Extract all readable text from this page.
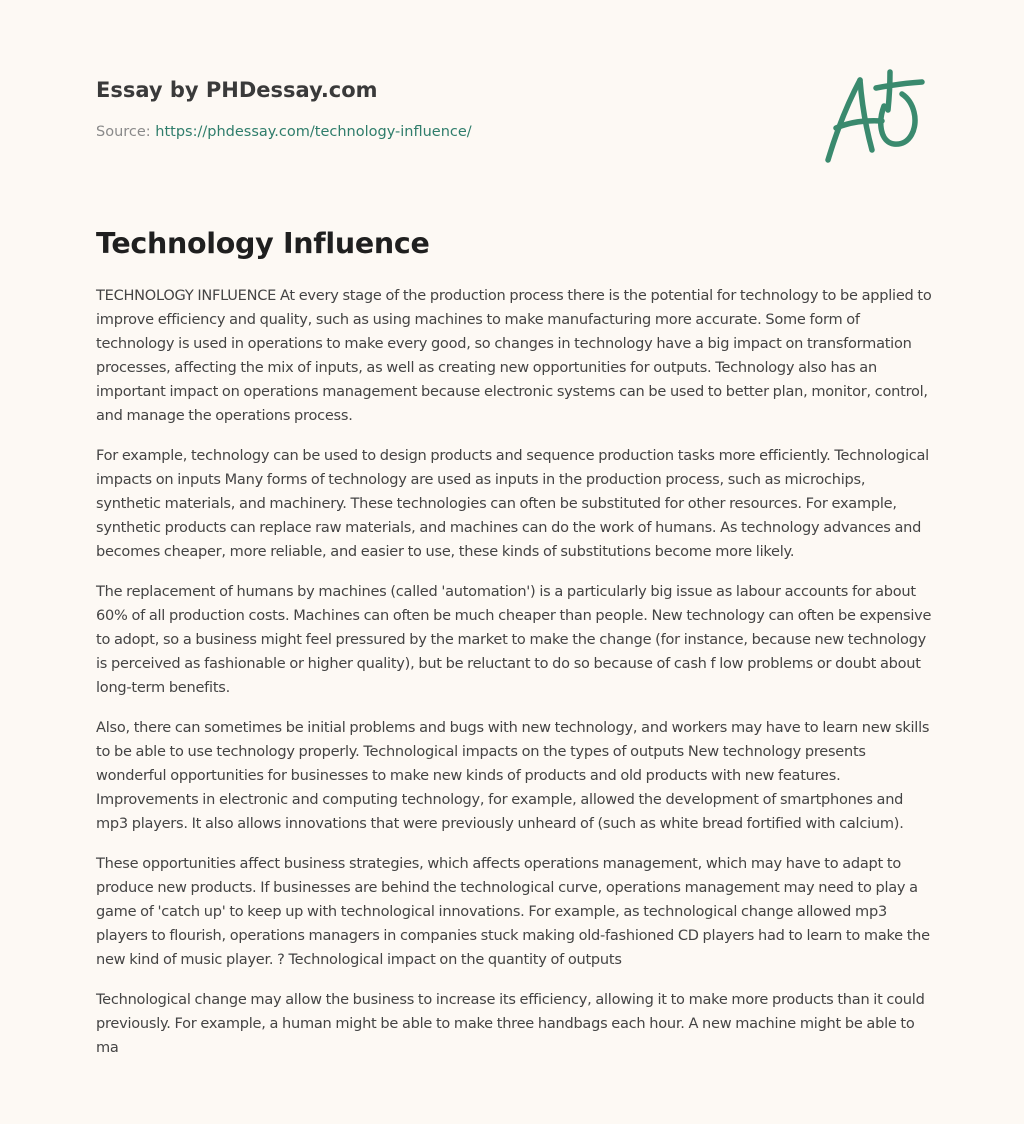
Essay by PHDessay.com
Source: https://phdessay.com/technology-influence/
Technology Influence

TECHNOLOGY INFLUENCE At every stage of the production process there is the potential for technology to be applied to improve efficiency and quality, such as using machines to make manufacturing more accurate. Some form of technology is used in operations to make every good, so changes in technology have a big impact on transformation processes, affecting the mix of inputs, as well as creating new opportunities for outputs. Technology also has an important impact on operations management because electronic systems can be used to better plan, monitor, control, and manage the operations process.

For example, technology can be used to design products and sequence production tasks more efficiently. Technological impacts on inputs Many forms of technology are used as inputs in the production process, such as microchips, synthetic materials, and machinery. These technologies can often be substituted for other resources. For example, synthetic products can replace raw materials, and machines can do the work of humans. As technology advances and becomes cheaper, more reliable, and easier to use, these kinds of substitutions become more likely.

The replacement of humans by machines (called 'automation') is a particularly big issue as labour accounts for about 60% of all production costs. Machines can often be much cheaper than people. New technology can often be expensive to adopt, so a business might feel pressured by the market to make the change (for instance, because new technology is perceived as fashionable or higher quality), but be reluctant to do so because of cash f low problems or doubt about long-term benefits.

Also, there can sometimes be initial problems and bugs with new technology, and workers may have to learn new skills to be able to use technology properly. Technological impacts on the types of outputs New technology presents wonderful opportunities for businesses to make new kinds of products and old products with new features. Improvements in electronic and computing technology, for example, allowed the development of smartphones and mp3 players. It also allows innovations that were previously unheard of (such as white bread fortified with calcium).

These opportunities affect business strategies, which affects operations management, which may have to adapt to produce new products. If businesses are behind the technological curve, operations management may need to play a game of 'catch up' to keep up with technological innovations. For example, as technological change allowed mp3 players to flourish, operations managers in companies stuck making old-fashioned CD players had to learn to make the new kind of music player. ? Technological impact on the quantity of outputs

Technological change may allow the business to increase its efficiency, allowing it to make more products than it could previously. For example, a human might be able to make three handbags each hour. A new machine might be able to ma
